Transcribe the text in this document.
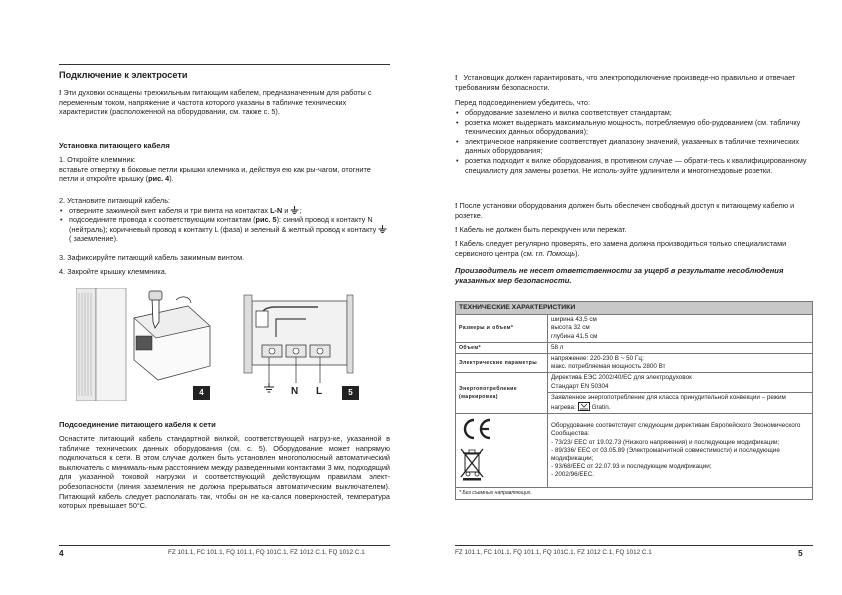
Подключение к электросети
! Эти духовки оснащены трехжильным питающим кабелем, предназначенным для работы с переменным током, напряжение и частота которого указаны в табличке технических характеристик (расположенной на оборудовании, см. также с. 5).
Установка питающего кабеля
1. Откройте клеммник:
вставьте отвертку в боковые петли крышки клемника и, действуя ею как ры-чагом, отогните петли и откройте крышку (рис. 4).
2. Установите питающий кабель:
• отверните зажимной винт кабеля и три винта на контактах L-N и ;
• подсоедините провода к соответствующим контактам (рис. 5): синий провод к контакту N (нейтраль); коричневый провод к контакту L (фаза) и зеленый & желтый провод к контакту  ( заземление).
3. Зафиксируйте питающий кабель зажимным винтом.
4. Закройте крышку клеммника.
4	N L	5
Подсоединение питающего кабеля к сети
Оснастите питающий кабель стандартной вилкой, соответствующей нагруз-ке, указанной в табличке технических данных оборудования (см. с. 5). Оборудование может напрямую подключаться к сети. В этом случае должен быть установлен многополюсный автоматический выключатель с минималь-ным расстоянием между разведенными контактами 3 мм, подходящий для указанной токовой нагрузки и соответствующий действующим правилам элект-робезопасности (линия заземления не должна прерываться автоматическим выключателем). Питающий кабель следует располагать так, чтобы он не ка-сался поверхностей, температура которых превышает 50°C.
4	FZ 101.1, FC 101.1, FQ 101.1, FQ 101C.1, FZ 1012 C.1, FQ 1012 C.1
! Установщик должен гарантировать, что электроподключение произведе-но правильно и отвечает требованиям безопасности.
Перед подсоединением убедитесь, что:
• оборудование заземлено и вилка соответствует стандартам;
• розетка может выдержать максимальную мощность, потребляемую обо-рудованием (см. табличку технических данных оборудования);
• электрическое напряжение соответствует диапазону значений, указанных в табличке технических данных оборудования;
• розетка подходит к вилке оборудования, в противном случае — обрати-тесь к квалифицированному специалисту для замены розетки. Не исполь-зуйте удлинители и многогнездовые розетки.
! После установки оборудования должен быть обеспечен свободный доступ к питающему кабелю и розетке.
! Кабель не должен быть перекручен или пережат.
! Кабель следует регулярно проверять, его замена должна производиться только специалистами сервисного центра (см. гл. Помощь).
Производитель не несет ответственности за ущерб в результате несоблюдения указанных мер безопасности.
ТЕХНИЧЕСКИЕ ХАРАКТЕРИСТИКИ	
Размеры и объем*	ширина 43,5 см
высота 32 см
глубина 41,5 см

Объем*	58 л
Электрические параметры	напряжение: 220-230 В ~ 50 Гц;
макс. потребляемая мощность 2800 Вт

Энергопотребление (маркировка)	Директива ЕЭС 2002/40/EC для электродуховок
Стандарт EN 50304

	Заявленное энергопотребление для класса принудительной конвекции – режим нагрева:
Gratin.

Оборудование соответствует следующим директивам Европейского Экономического Сообщества:
- 73/23/ EEC от 19.02.73 (Низкого напряжения) и последующие модификации;
- 89/336/ EEC от 03.05.89 (Электромагнитной совместимости) и последующие модификации;
- 93/68/EEC от 22.07.93 и последующие модификации;
- 2002/96/EEC.

* Без съемных направляющих.	
FZ 101.1, FC 101.1, FQ 101.1, FQ 101C.1, FZ 1012 C.1, FQ 1012 C.1	5
